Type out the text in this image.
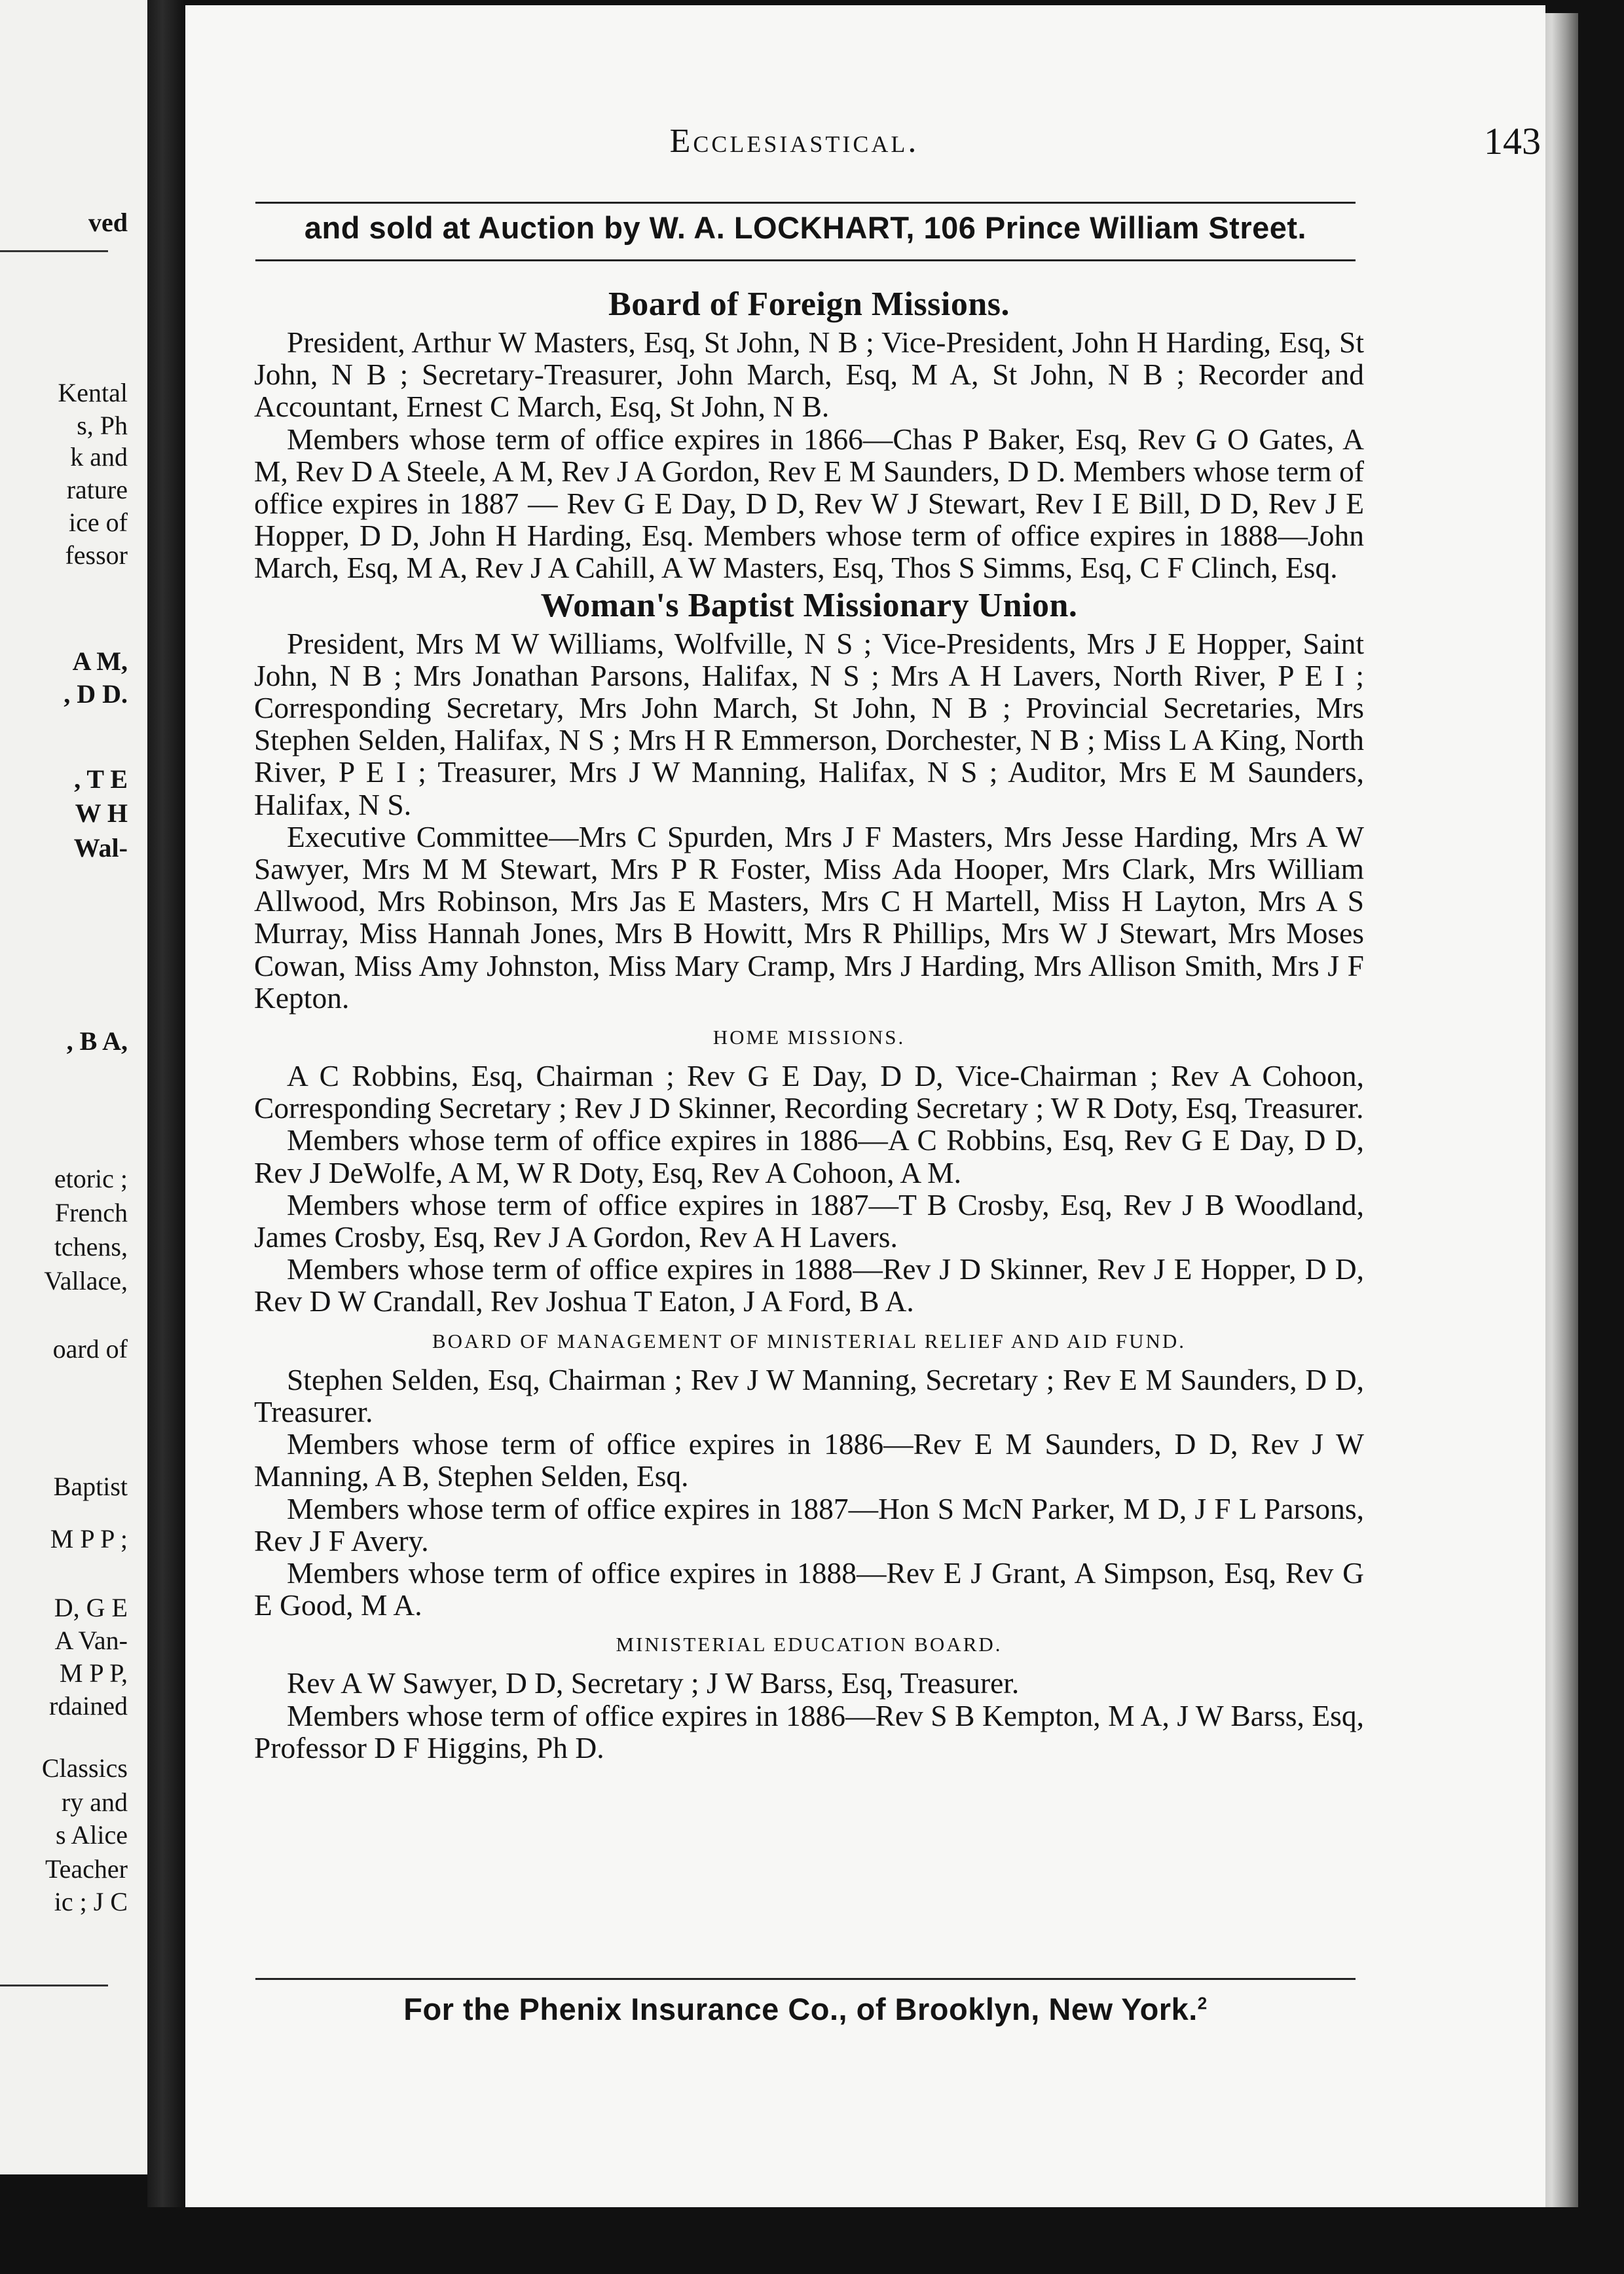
ved
Kental
s, Ph
k and
rature
ice of
fessor
A M,
, D D.
, T E
W H
Wal-
, B A,
etoric ;
French
tchens,
Vallace,
oard of
Baptist
M P P ;
D, G E
A Van-
M P P,
rdained
Classics
ry and
s Alice
Teacher
ic ; J C
Ecclesiastical.	143
and sold at Auction by W. A. LOCKHART, 106 Prince William Street.
Board of Foreign Missions.

President, Arthur W Masters, Esq, St John, N B ; Vice-President, John H Harding, Esq, St John, N B ; Secretary-Treasurer, John March, Esq, M A, St John, N B ; Recorder and Accountant, Ernest C March, Esq, St John, N B.

Members whose term of office expires in 1866—Chas P Baker, Esq, Rev G O Gates, A M, Rev D A Steele, A M, Rev J A Gordon, Rev E M Saunders, D D. Members whose term of office expires in 1887 — Rev G E Day, D D, Rev W J Stewart, Rev I E Bill, D D, Rev J E Hopper, D D, John H Harding, Esq. Members whose term of office expires in 1888—John March, Esq, M A, Rev J A Cahill, A W Masters, Esq, Thos S Simms, Esq, C F Clinch, Esq.

Woman's Baptist Missionary Union.

President, Mrs M W Williams, Wolfville, N S ; Vice-Presidents, Mrs J E Hopper, Saint John, N B ; Mrs Jonathan Parsons, Halifax, N S ; Mrs A H Lavers, North River, P E I ; Corresponding Secretary, Mrs John March, St John, N B ; Provincial Secretaries, Mrs Stephen Selden, Halifax, N S ; Mrs H R Emmerson, Dorchester, N B ; Miss L A King, North River, P E I ; Treasurer, Mrs J W Manning, Halifax, N S ; Auditor, Mrs E M Saunders, Halifax, N S.

Executive Committee—Mrs C Spurden, Mrs J F Masters, Mrs Jesse Harding, Mrs A W Sawyer, Mrs M M Stewart, Mrs P R Foster, Miss Ada Hooper, Mrs Clark, Mrs William Allwood, Mrs Robinson, Mrs Jas E Masters, Mrs C H Martell, Miss H Layton, Mrs A S Murray, Miss Hannah Jones, Mrs B Howitt, Mrs R Phillips, Mrs W J Stewart, Mrs Moses Cowan, Miss Amy Johnston, Miss Mary Cramp, Mrs J Harding, Mrs Allison Smith, Mrs J F Kepton.

HOME MISSIONS.

A C Robbins, Esq, Chairman ; Rev G E Day, D D, Vice-Chairman ; Rev A Cohoon, Corresponding Secretary ; Rev J D Skinner, Recording Secretary ; W R Doty, Esq, Treasurer.

Members whose term of office expires in 1886—A C Robbins, Esq, Rev G E Day, D D, Rev J DeWolfe, A M, W R Doty, Esq, Rev A Cohoon, A M.

Members whose term of office expires in 1887—T B Crosby, Esq, Rev J B Woodland, James Crosby, Esq, Rev J A Gordon, Rev A H Lavers.

Members whose term of office expires in 1888—Rev J D Skinner, Rev J E Hopper, D D, Rev D W Crandall, Rev Joshua T Eaton, J A Ford, B A.

BOARD OF MANAGEMENT OF MINISTERIAL RELIEF AND AID FUND.

Stephen Selden, Esq, Chairman ; Rev J W Manning, Secretary ; Rev E M Saunders, D D, Treasurer.

Members whose term of office expires in 1886—Rev E M Saunders, D D, Rev J W Manning, A B, Stephen Selden, Esq.

Members whose term of office expires in 1887—Hon S McN Parker, M D, J F L Parsons, Rev J F Avery.

Members whose term of office expires in 1888—Rev E J Grant, A Simpson, Esq, Rev G E Good, M A.

MINISTERIAL EDUCATION BOARD.

Rev A W Sawyer, D D, Secretary ; J W Barss, Esq, Treasurer.

Members whose term of office expires in 1886—Rev S B Kempton, M A, J W Barss, Esq, Professor D F Higgins, Ph D.

For the Phenix Insurance Co., of Brooklyn, New York.$^2$
